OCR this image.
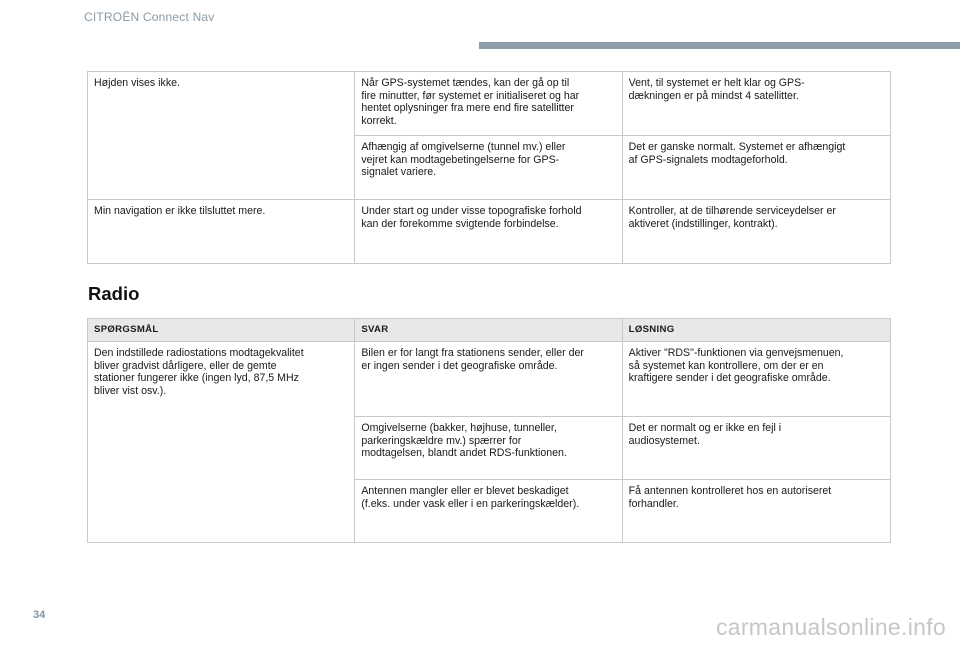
CITROËN Connect Nav
Højden vises ikke.	Når GPS-systemet tændes, kan der gå op til
fire minutter, før systemet er initialiseret og har
hentet oplysninger fra mere end fire satellitter
korrekt.	Vent, til systemet er helt klar og GPS-
dækningen er på mindst 4 satellitter.
	Afhængig af omgivelserne (tunnel mv.) eller
vejret kan modtagebetingelserne for GPS-
signalet variere.	Det er ganske normalt. Systemet er afhængigt
af GPS-signalets modtageforhold.
Min navigation er ikke tilsluttet mere.	Under start og under visse topografiske forhold
kan der forekomme svigtende forbindelse.	Kontroller, at de tilhørende serviceydelser er
aktiveret (indstillinger, kontrakt).
Radio
SPØRGSMÅL	SVAR	LØSNING
Den indstillede radiostations modtagekvalitet
bliver gradvist dårligere, eller de gemte
stationer fungerer ikke (ingen lyd, 87,5 MHz
bliver vist osv.).	Bilen er for langt fra stationens sender, eller der
er ingen sender i det geografiske område.	Aktiver "RDS"-funktionen via genvejsmenuen,
så systemet kan kontrollere, om der er en
kraftigere sender i det geografiske område.
	Omgivelserne (bakker, højhuse, tunneller,
parkeringskældre mv.) spærrer for
modtagelsen, blandt andet RDS-funktionen.	Det er normalt og er ikke en fejl i
audiosystemet.
	Antennen mangler eller er blevet beskadiget
(f.eks. under vask eller i en parkeringskælder).	Få antennen kontrolleret hos en autoriseret
forhandler.
34	carmanualsonline.info
